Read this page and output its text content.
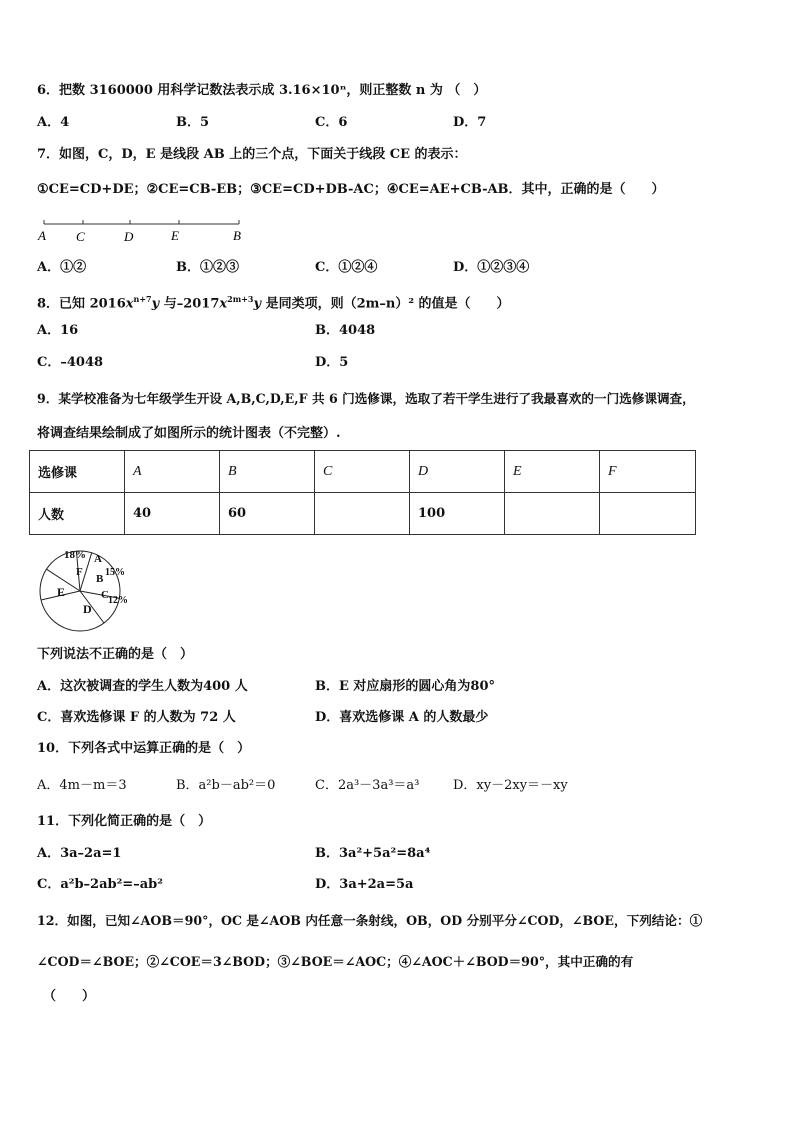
6．把数 3160000 用科学记数法表示成 3.16×10ⁿ，则正整数 n 为 （　）
A．4	B．5	C．6	D．7
7．如图，C，D，E 是线段 AB 上的三个点，下面关于线段 CE 的表示：
①CE=CD+DE；②CE=CB-EB；③CE=CD+DB-AC；④CE=AE+CB-AB．其中，正确的是（　　）
A C	D	E	B
A．①②	B．①②③	C．①②④	D．①②③④
8．已知 $2016x^{n+7}y$ 与$-2017x^{2m+3}y$ 是同类项，则（2m–n）² 的值是（　　）
A．16	B．4048
C．–4048	D．5
9．某学校准备为七年级学生开设 A,B,C,D,E,F 共 6 门选修课，选取了若干学生进行了我最喜欢的一门选修课调查，
将调查结果绘制成了如图所示的统计图表（不完整）.
选修课	A	B	C	D	E	F
人数	40	60		100		
18% A
B
15%
C 12%
D
E
F
下列说法不正确的是（　）
A．这次被调查的学生人数为400 人	B．E 对应扇形的圆心角为80°
C．喜欢选修课 F 的人数为 72 人	D．喜欢选修课 A 的人数最少
10．下列各式中运算正确的是（　）
A．4m－m＝3	B．a²b－ab²＝0	C．2a³－3a³＝a³	D．xy－2xy＝－xy
11．下列化简正确的是（　）
A．3a–2a=1	B．3a²+5a²=8a⁴
C．a²b–2ab²=–ab²	D．3a+2a=5a
12．如图，已知∠AOB＝90°，OC 是∠AOB 内任意一条射线，OB，OD 分别平分∠COD，∠BOE，下列结论：①
∠COD＝∠BOE；②∠COE＝3∠BOD；③∠BOE＝∠AOC；④∠AOC＋∠BOD＝90°，其中正确的有
（　　）
